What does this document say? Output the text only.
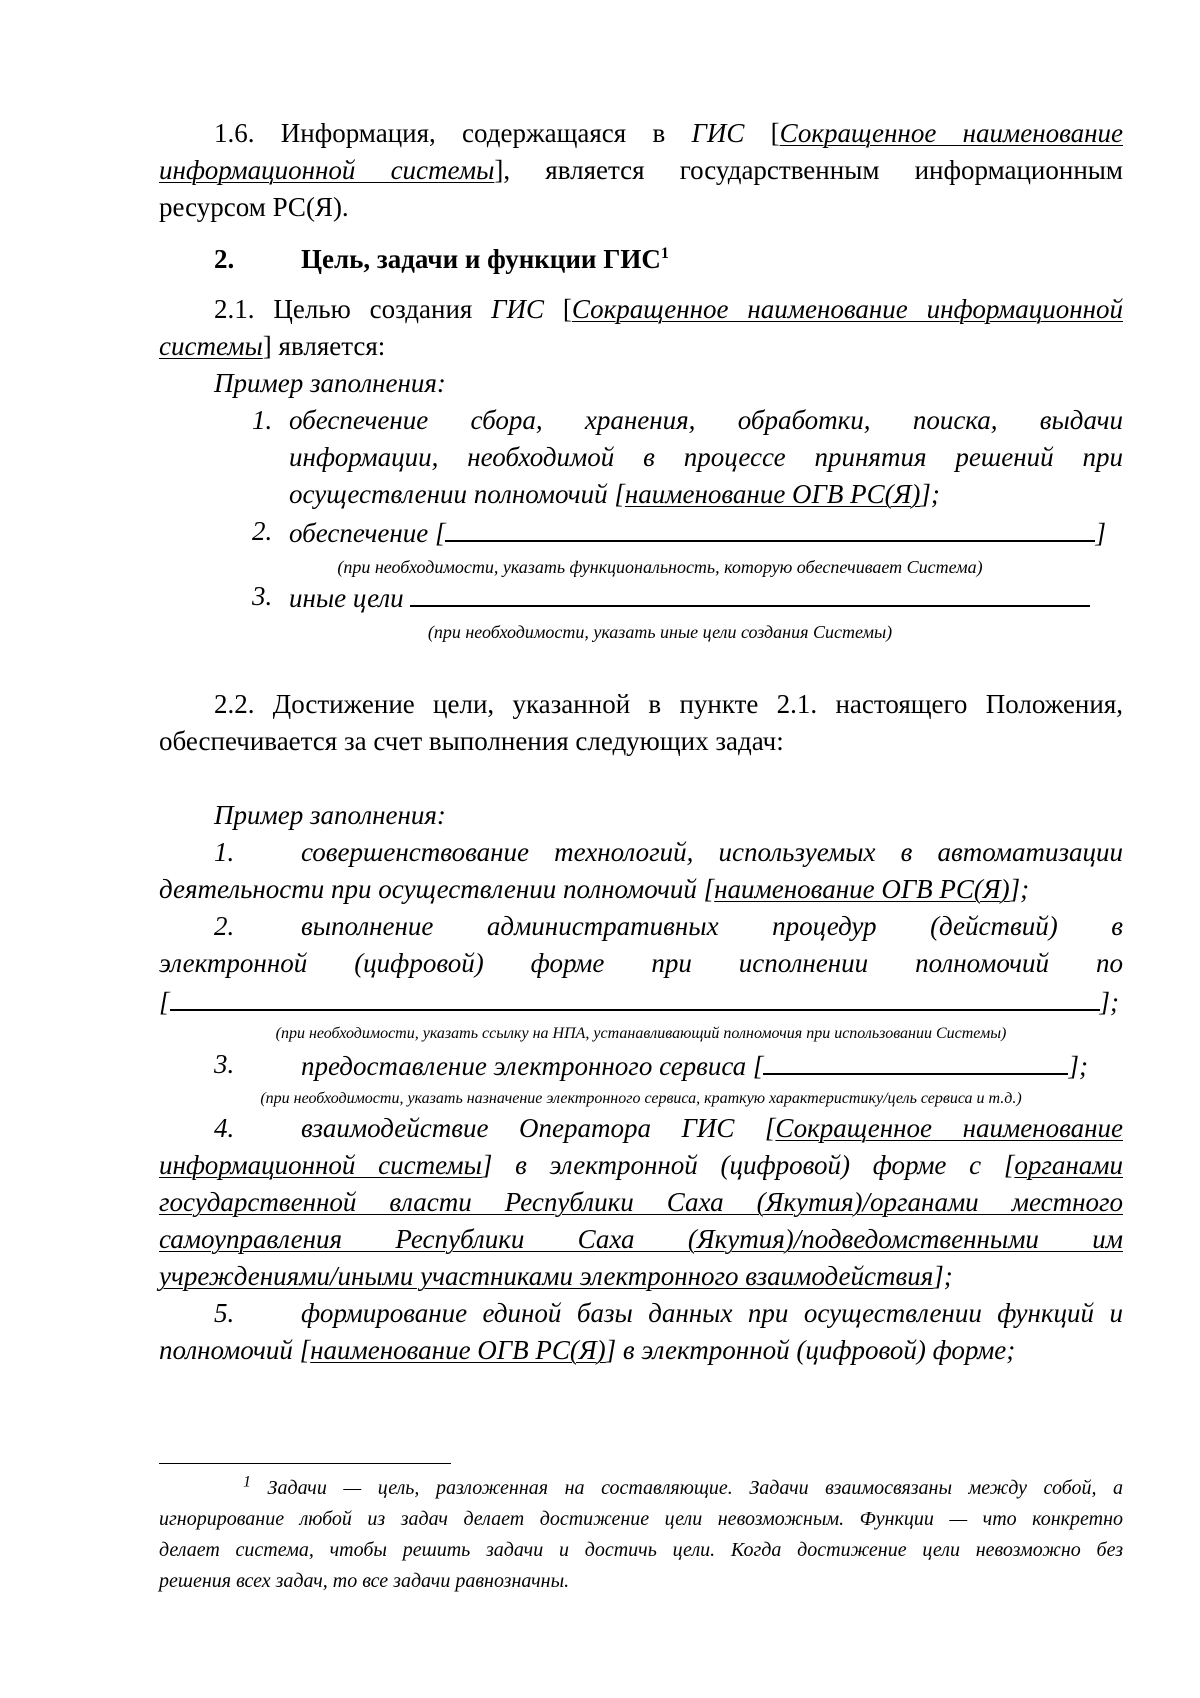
1.6. Информация, содержащаяся в ГИС [Сокращенное наименование
информационной системы], является государственным информационным
ресурсом РС(Я).
2.	Цель, задачи и функции ГИС$^1$
2.1. Целью создания ГИС [Сокращенное наименование информационной
системы] является:
Пример заполнения:
1. обеспечение сбора, хранения, обработки, поиска, выдачи
информации, необходимой в процессе принятия решений при
осуществлении полномочий [наименование ОГВ РС(Я)];
2. обеспечение [	]
(при необходимости, указать функциональность, которую обеспечивает Система)
3. иные цели
(при необходимости, указать иные цели создания Системы)
2.2. Достижение цели, указанной в пункте 2.1. настоящего Положения,
обеспечивается за счет выполнения следующих задач:
Пример заполнения:
1.	совершенствование технологий, используемых в автоматизации
деятельности при осуществлении полномочий [наименование ОГВ РС(Я)];
2.	выполнение административных процедур (действий) в
электронной (цифровой) форме при исполнении полномочий по
[	];
(при необходимости, указать ссылку на НПА, устанавливающий полномочия при использовании Системы)
3.	предоставление электронного сервиса [	];
(при необходимости, указать назначение электронного сервиса, краткую характеристику/цель сервиса и т.д.)
4.	взаимодействие Оператора ГИС [Сокращенное наименование
информационной системы] в электронной (цифровой) форме с [органами
государственной власти Республики Саха (Якутия)/органами местного
самоуправления Республики Саха (Якутия)/подведомственными им
учреждениями/иными участниками электронного взаимодействия];
5.	формирование единой базы данных при осуществлении функций и
полномочий [наименование ОГВ РС(Я)] в электронной (цифровой) форме;
$^1$ Задачи — цель, разложенная на составляющие. Задачи взаимосвязаны между собой, а
игнорирование любой из задач делает достижение цели невозможным. Функции — что конкретно
делает система, чтобы решить задачи и достичь цели. Когда достижение цели невозможно без
решения всех задач, то все задачи равнозначны.
